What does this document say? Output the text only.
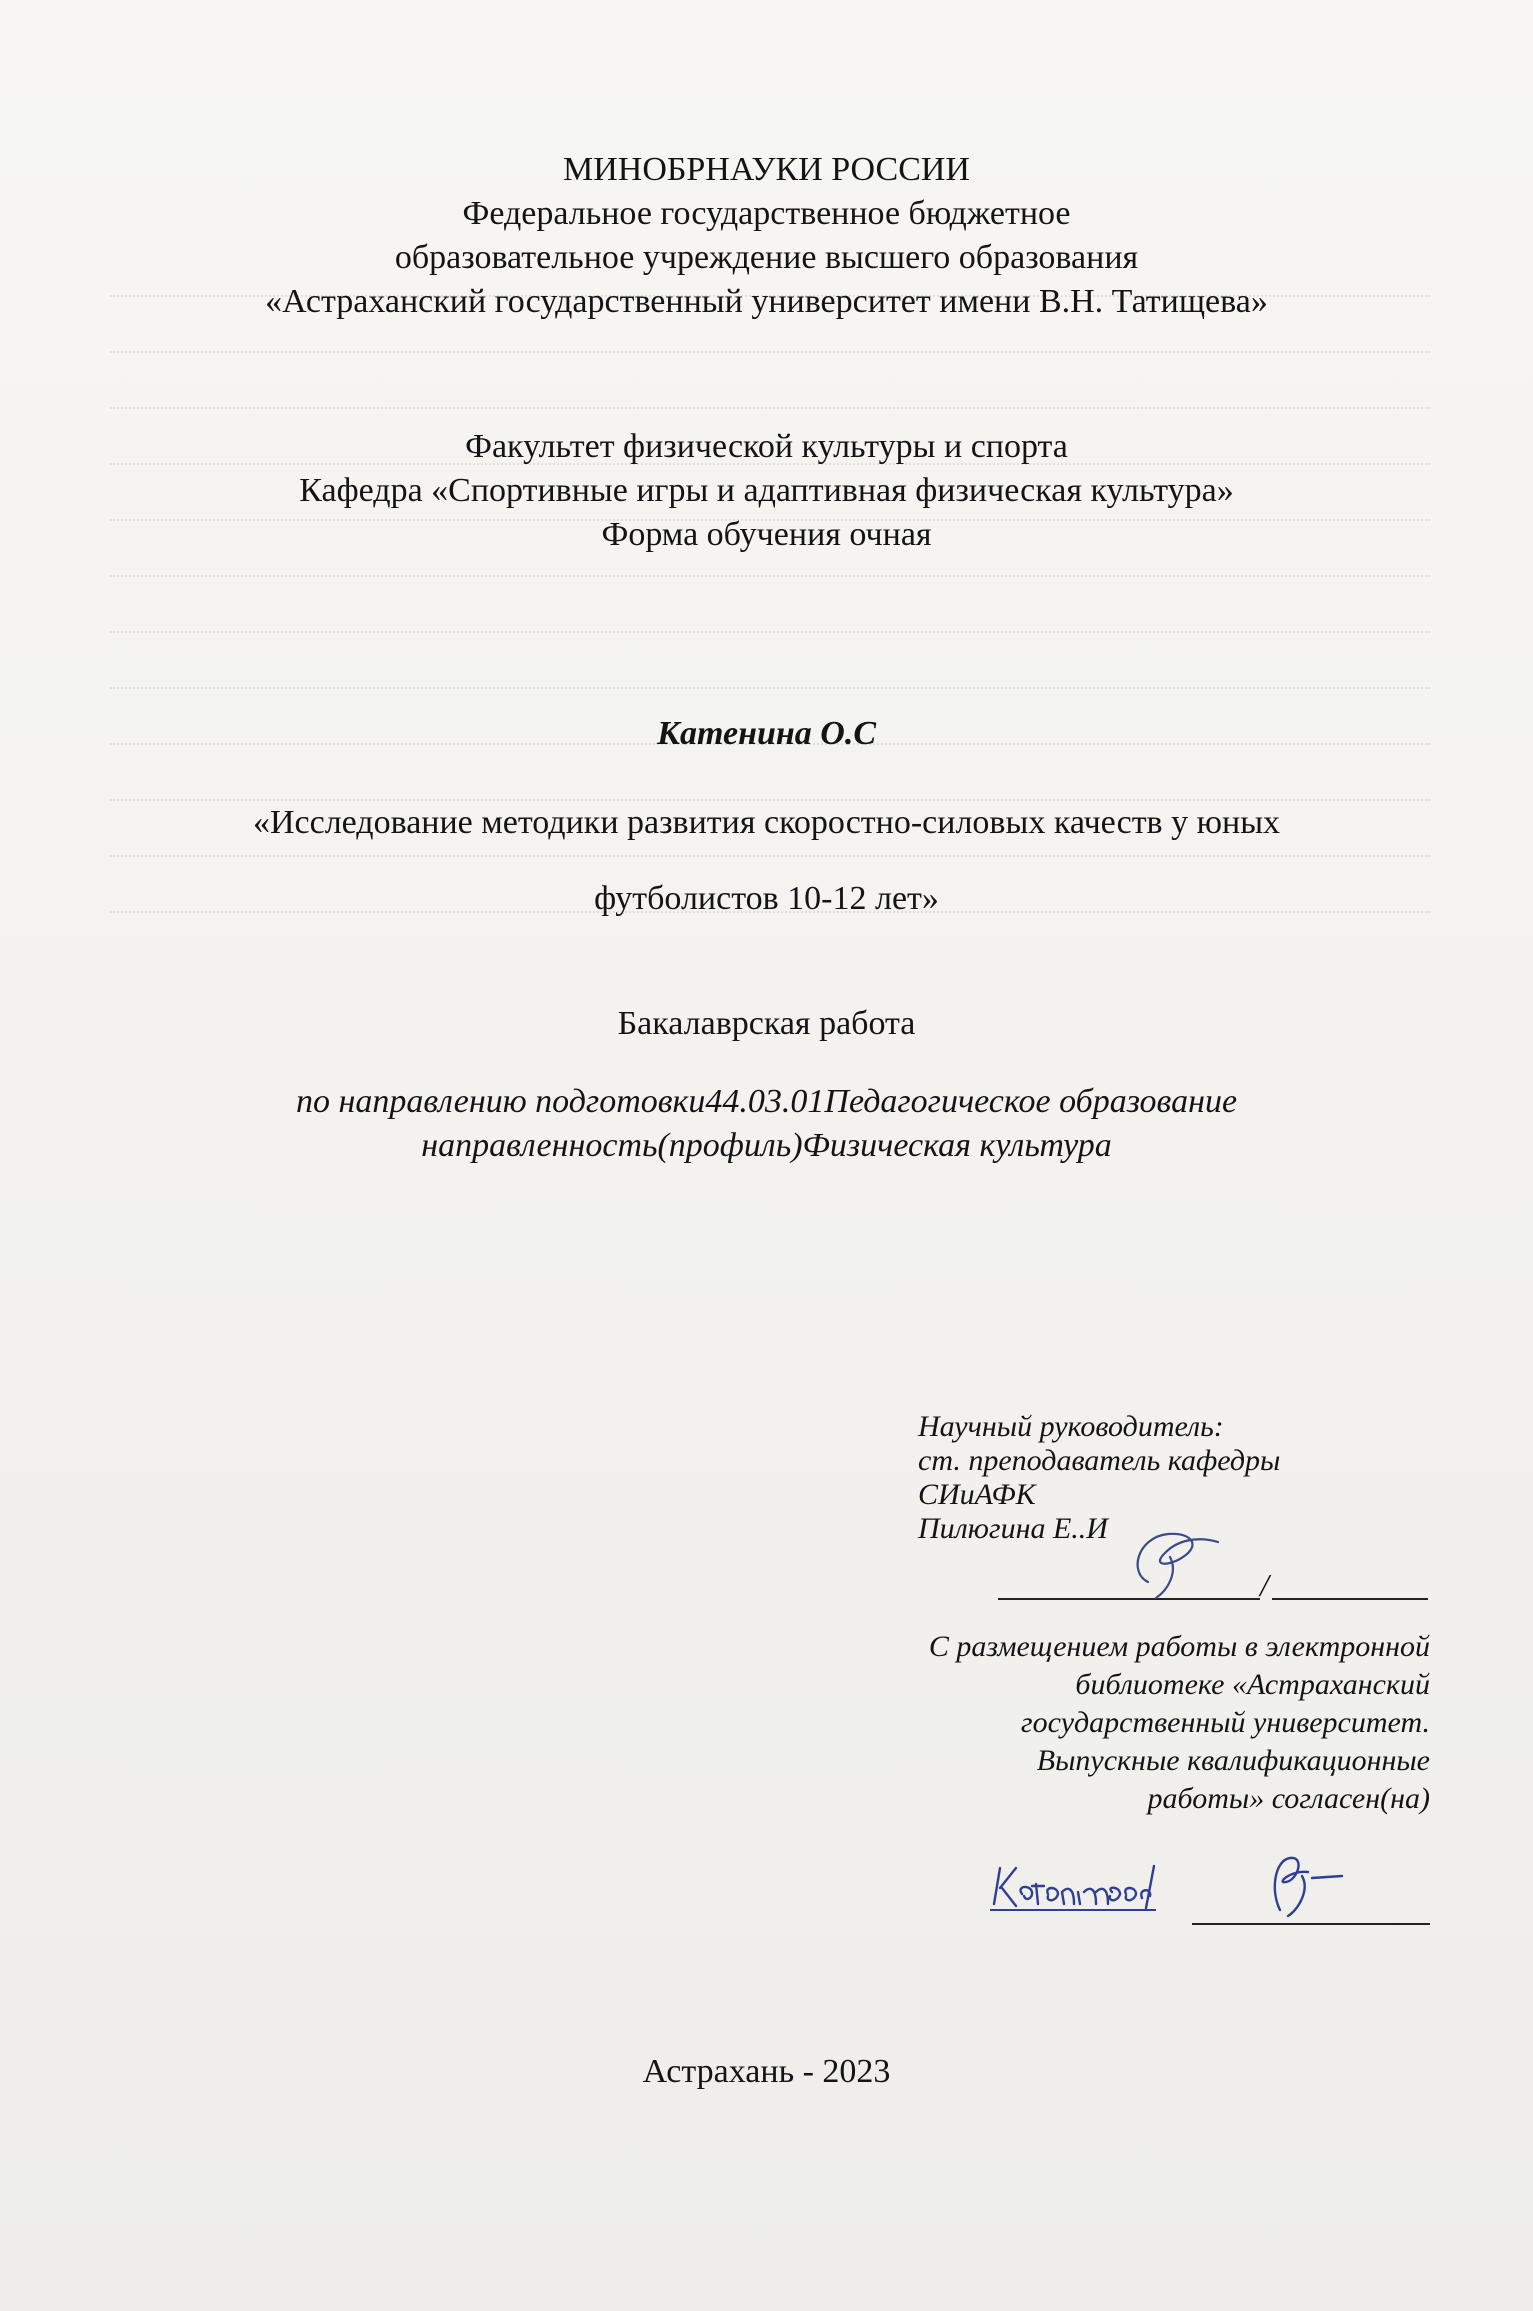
МИНОБРНАУКИ РОССИИ
Федеральное государственное бюджетное
образовательное учреждение высшего образования
«Астраханский государственный университет имени В.Н. Татищева»
Факультет физической культуры и спорта
Кафедра «Спортивные игры и адаптивная физическая культура»
Форма обучения очная
Катенина О.С
«Исследование методики развития скоростно-силовых качеств у юных
футболистов 10-12 лет»
Бакалаврская работа
по направлению подготовки44.03.01Педагогическое образование
направленность(профиль)Физическая культура
Научный руководитель:
ст. преподаватель кафедры
СИиАФК
Пилюгина Е..И
/
С размещением работы в электронной
библиотеке «Астраханский
государственный университет.
Выпускные квалификационные
работы» согласен(на)
Астрахань - 2023
